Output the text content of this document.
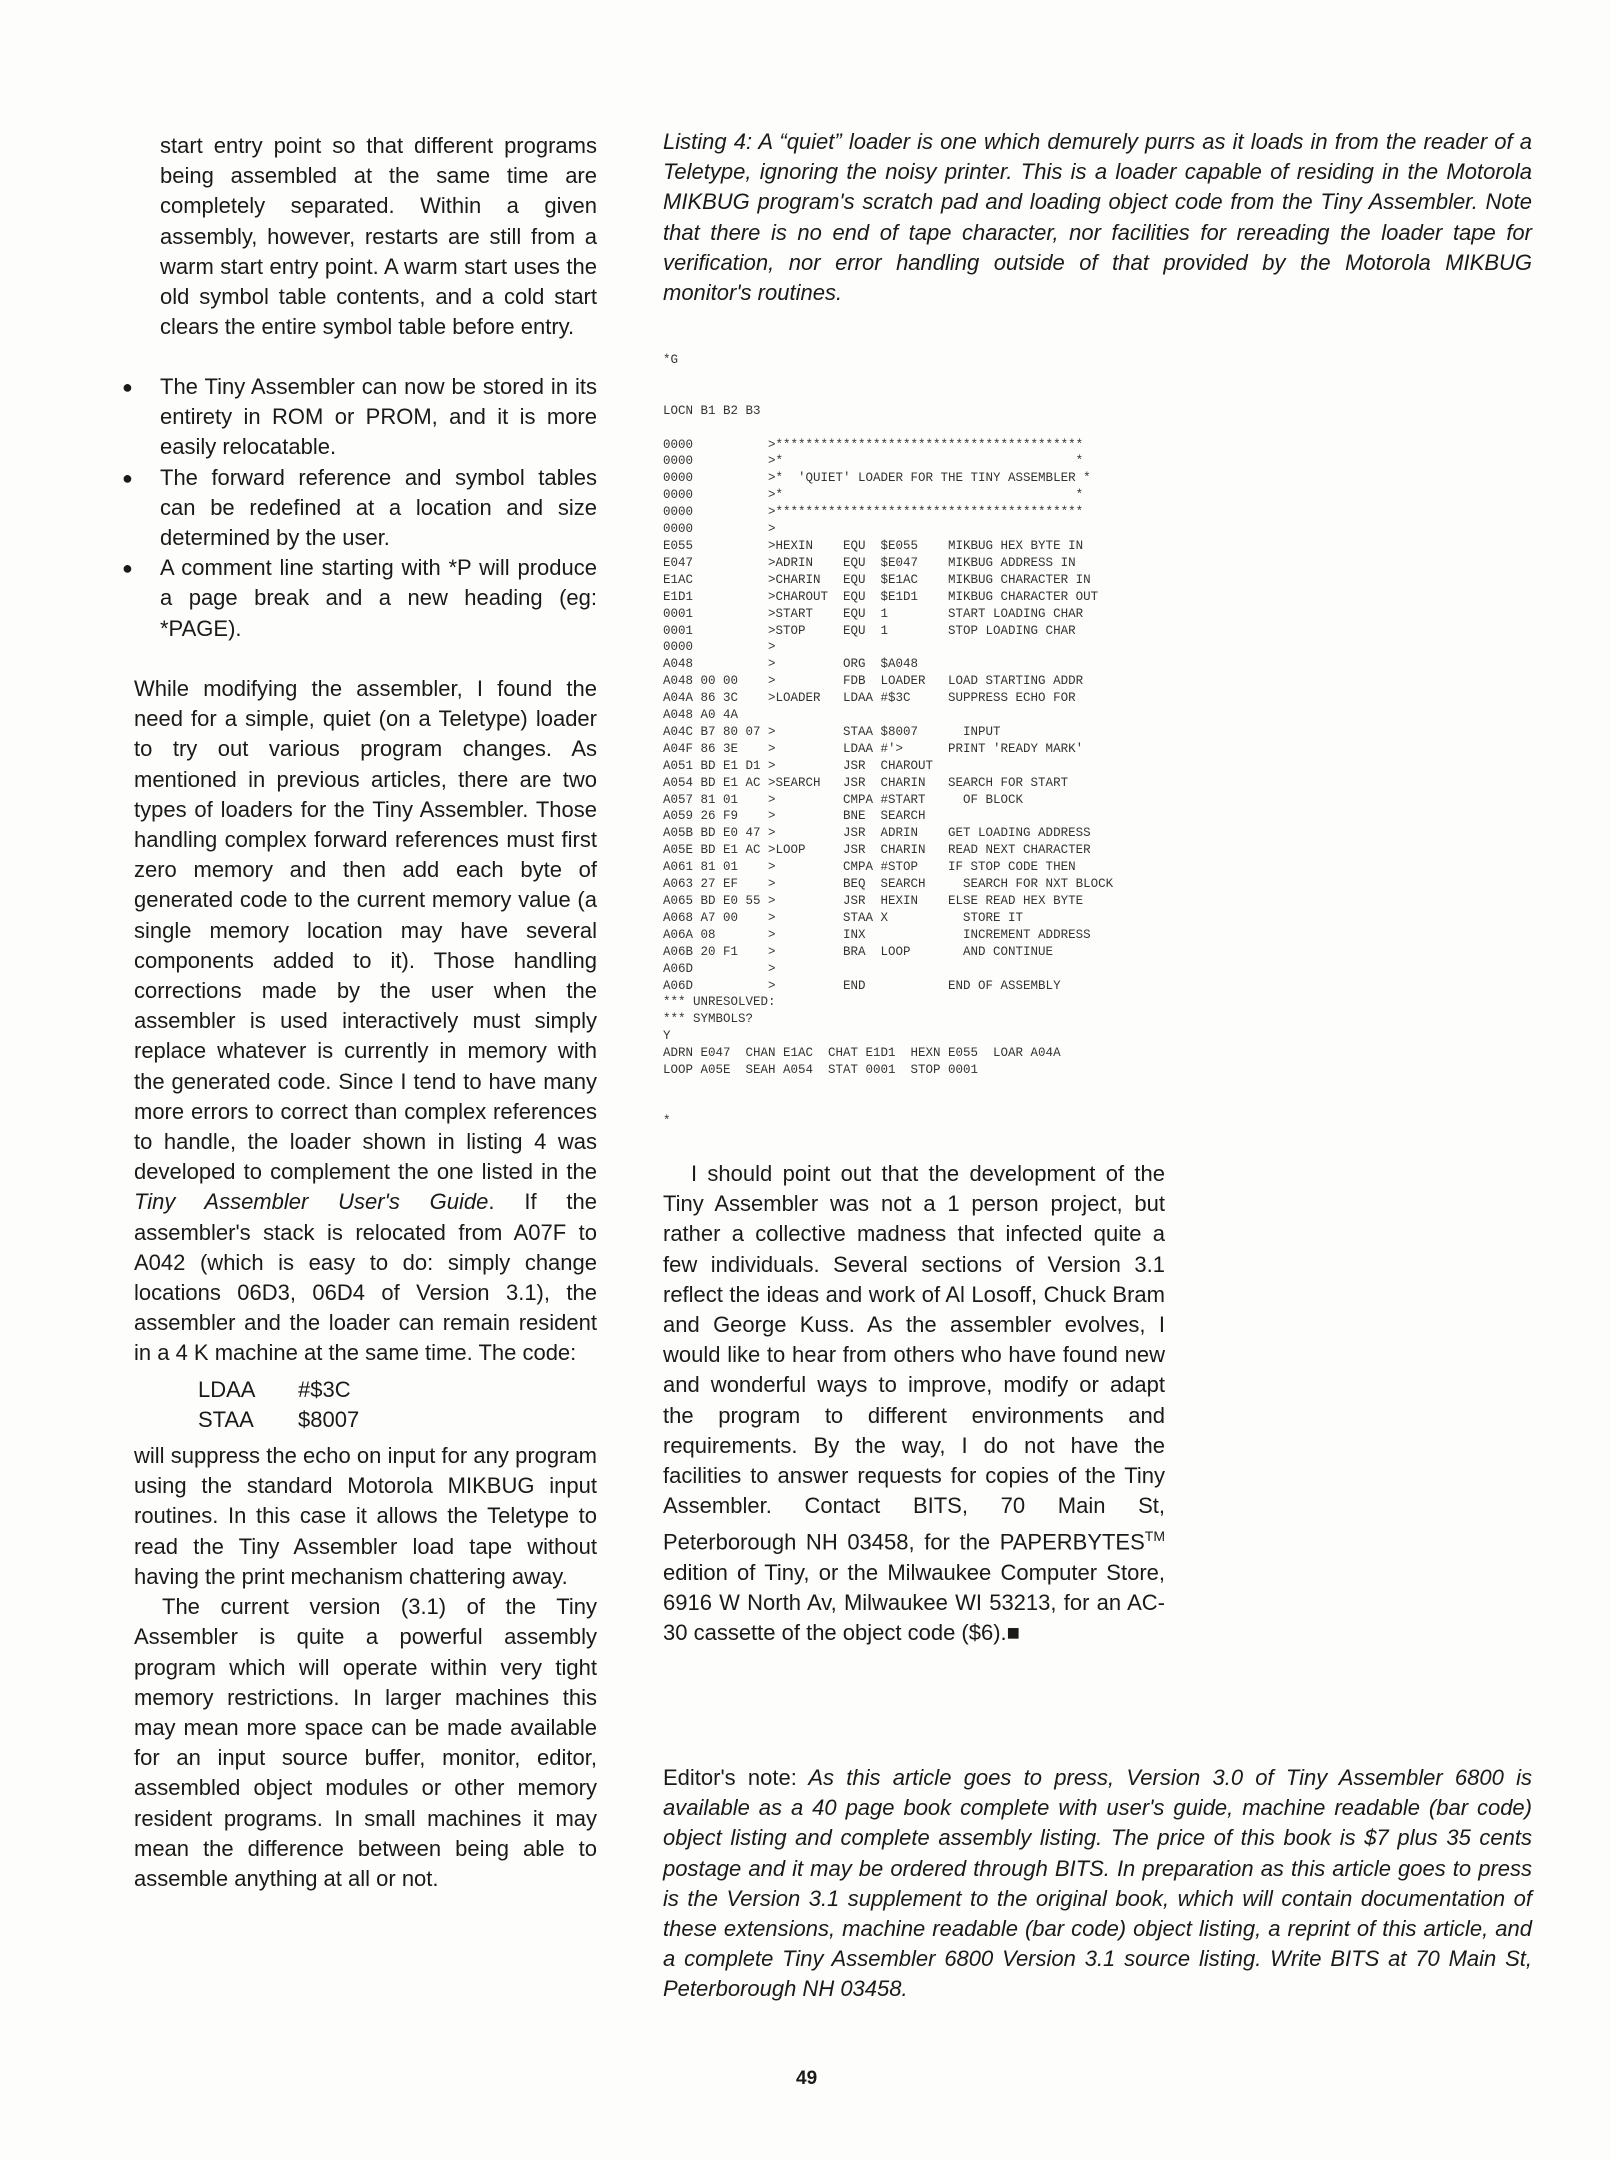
start entry point so that different programs being assembled at the same time are completely separated. Within a given assembly, however, restarts are still from a warm start entry point. A warm start uses the old symbol table contents, and a cold start clears the entire symbol table before entry.

● The Tiny Assembler can now be stored in its entirety in ROM or PROM, and it is more easily relocatable.
● The forward reference and symbol tables can be redefined at a location and size determined by the user.
● A comment line starting with *P will produce a page break and a new heading (eg: *PAGE).

While modifying the assembler, I found the need for a simple, quiet (on a Teletype) loader to try out various program changes. As mentioned in previous articles, there are two types of loaders for the Tiny Assembler. Those handling complex forward references must first zero memory and then add each byte of generated code to the current memory value (a single memory location may have several components added to it). Those handling corrections made by the user when the assembler is used interactively must simply replace whatever is currently in memory with the generated code. Since I tend to have many more errors to correct than complex references to handle, the loader shown in listing 4 was developed to complement the one listed in the Tiny Assembler User's Guide. If the assembler's stack is relocated from A07F to A042 (which is easy to do: simply change locations 06D3, 06D4 of Version 3.1), the assembler and the loader can remain resident in a 4 K machine at the same time. The code:

LDAA	#$3C
STAA	$8007

will suppress the echo on input for any program using the standard Motorola MIKBUG input routines. In this case it allows the Teletype to read the Tiny Assembler load tape without having the print mechanism chattering away.

The current version (3.1) of the Tiny Assembler is quite a powerful assembly program which will operate within very tight memory restrictions. In larger machines this may mean more space can be made available for an input source buffer, monitor, editor, assembled object modules or other memory resident programs. In small machines it may mean the difference between being able to assemble anything at all or not.

Listing 4: A “quiet” loader is one which demurely purrs as it loads in from the reader of a Teletype, ignoring the noisy printer. This is a loader capable of residing in the Motorola MIKBUG program's scratch pad and loading object code from the Tiny Assembler. Note that there is no end of tape character, nor facilities for rereading the loader tape for verification, nor error handling outside of that provided by the Motorola MIKBUG monitor's routines.
*G

LOCN B1 B2 B3

0000          >*****************************************
0000          >*                                       *
0000          >*  'QUIET' LOADER FOR THE TINY ASSEMBLER *
0000          >*                                       *
0000          >*****************************************
0000          >
E055          >HEXIN    EQU  $E055    MIKBUG HEX BYTE IN
E047          >ADRIN    EQU  $E047    MIKBUG ADDRESS IN
E1AC          >CHARIN   EQU  $E1AC    MIKBUG CHARACTER IN
E1D1          >CHAROUT  EQU  $E1D1    MIKBUG CHARACTER OUT
0001          >START    EQU  1        START LOADING CHAR
0001          >STOP     EQU  1        STOP LOADING CHAR
0000          >
A048          >         ORG  $A048
A048 00 00    >         FDB  LOADER   LOAD STARTING ADDR
A04A 86 3C    >LOADER   LDAA #$3C     SUPPRESS ECHO FOR
A048 A0 4A
A04C B7 80 07 >         STAA $8007      INPUT
A04F 86 3E    >         LDAA #'>      PRINT 'READY MARK'
A051 BD E1 D1 >         JSR  CHAROUT
A054 BD E1 AC >SEARCH   JSR  CHARIN   SEARCH FOR START
A057 81 01    >         CMPA #START     OF BLOCK
A059 26 F9    >         BNE  SEARCH
A05B BD E0 47 >         JSR  ADRIN    GET LOADING ADDRESS
A05E BD E1 AC >LOOP     JSR  CHARIN   READ NEXT CHARACTER
A061 81 01    >         CMPA #STOP    IF STOP CODE THEN
A063 27 EF    >         BEQ  SEARCH     SEARCH FOR NXT BLOCK
A065 BD E0 55 >         JSR  HEXIN    ELSE READ HEX BYTE
A068 A7 00    >         STAA X          STORE IT
A06A 08       >         INX             INCREMENT ADDRESS
A06B 20 F1    >         BRA  LOOP       AND CONTINUE
A06D          >
A06D          >         END           END OF ASSEMBLY
*** UNRESOLVED:
*** SYMBOLS?
Y
ADRN E047  CHAN E1AC  CHAT E1D1  HEXN E055  LOAR A04A
LOOP A05E  SEAH A054  STAT 0001  STOP 0001

*
I should point out that the development of the Tiny Assembler was not a 1 person project, but rather a collective madness that infected quite a few individuals. Several sections of Version 3.1 reflect the ideas and work of Al Losoff, Chuck Bram and George Kuss. As the assembler evolves, I would like to hear from others who have found new and wonderful ways to improve, modify or adapt the program to different environments and requirements. By the way, I do not have the facilities to answer requests for copies of the Tiny Assembler. Contact BITS, 70 Main St, Peterborough NH 03458, for the PAPERBYTES™ edition of Tiny, or the Milwaukee Computer Store, 6916 W North Av, Milwaukee WI 53213, for an AC-30 cassette of the object code ($6).■
Editor's note: As this article goes to press, Version 3.0 of Tiny Assembler 6800 is available as a 40 page book complete with user's guide, machine readable (bar code) object listing and complete assembly listing. The price of this book is $7 plus 35 cents postage and it may be ordered through BITS. In preparation as this article goes to press is the Version 3.1 supplement to the original book, which will contain documentation of these extensions, machine readable (bar code) object listing, a reprint of this article, and a complete Tiny Assembler 6800 Version 3.1 source listing. Write BITS at 70 Main St, Peterborough NH 03458.
49
